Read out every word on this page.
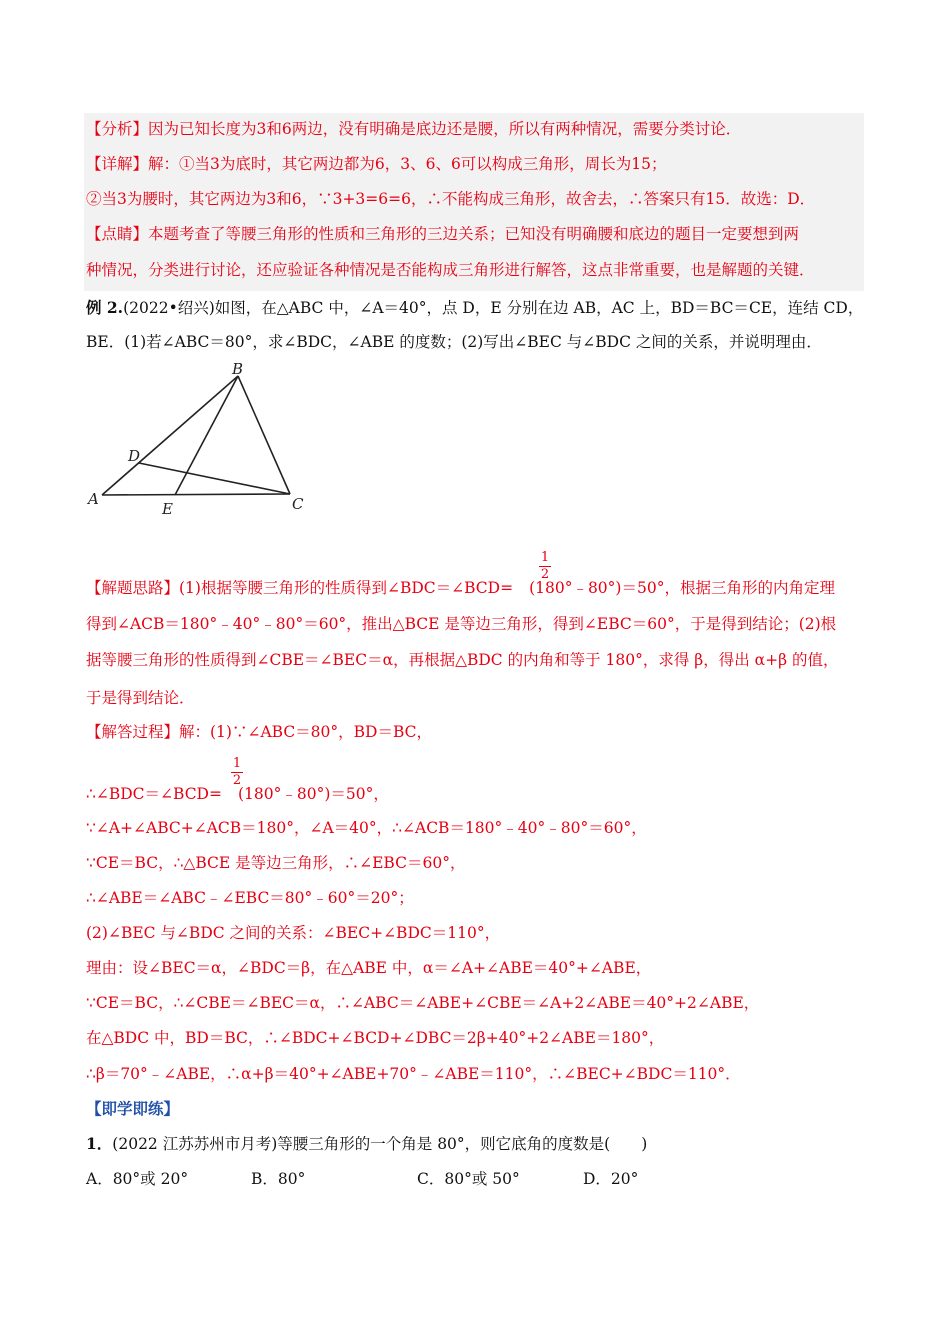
【分析】因为已知长度为3和6两边，没有明确是底边还是腰，所以有两种情况，需要分类讨论．
【详解】解：①当3为底时，其它两边都为6，3、6、6可以构成三角形，周长为15；
②当3为腰时，其它两边为3和6，∵3+3=6=6，∴不能构成三角形，故舍去，∴答案只有15．故选：D．
【点睛】本题考查了等腰三角形的性质和三角形的三边关系；已知没有明确腰和底边的题目一定要想到两
种情况，分类进行讨论，还应验证各种情况是否能构成三角形进行解答，这点非常重要，也是解题的关键．
例 2.(2022•绍兴)如图，在△ABC 中，∠A＝40°，点 D，E 分别在边 AB，AC 上，BD＝BC＝CE，连结 CD，
BE．(1)若∠ABC＝80°，求∠BDC，∠ABE 的度数；(2)写出∠BEC 与∠BDC 之间的关系，并说明理由．
B
D
A
E	C
【解题思路】(1)根据等腰三角形的性质得到∠BDC＝∠BCD= (180°﹣80°)＝50°，根据三角形的内角定理
1
2
得到∠ACB＝180°﹣40°﹣80°＝60°，推出△BCE 是等边三角形，得到∠EBC＝60°，于是得到结论；(2)根
据等腰三角形的性质得到∠CBE＝∠BEC＝α，再根据△BDC 的内角和等于 180°，求得 β，得出 α+β 的值，
于是得到结论．
【解答过程】解：(1)∵∠ABC＝80°，BD＝BC，
∴∠BDC＝∠BCD= (180°﹣80°)＝50°，
1
2
∵∠A+∠ABC+∠ACB＝180°，∠A＝40°，∴∠ACB＝180°﹣40°﹣80°＝60°，
∵CE＝BC，∴△BCE 是等边三角形，∴∠EBC＝60°，
∴∠ABE＝∠ABC﹣∠EBC＝80°﹣60°＝20°；
(2)∠BEC 与∠BDC 之间的关系：∠BEC+∠BDC＝110°，
理由：设∠BEC＝α，∠BDC＝β，在△ABE 中，α＝∠A+∠ABE＝40°+∠ABE，
∵CE＝BC，∴∠CBE＝∠BEC＝α，∴∠ABC＝∠ABE+∠CBE＝∠A+2∠ABE＝40°+2∠ABE，
在△BDC 中，BD＝BC，∴∠BDC+∠BCD+∠DBC＝2β+40°+2∠ABE＝180°，
∴β＝70°﹣∠ABE，∴α+β＝40°+∠ABE+70°﹣∠ABE＝110°，∴∠BEC+∠BDC＝110°．
【即学即练】
1．(2022 江苏苏州市月考)等腰三角形的一个角是 80°，则它底角的度数是(　　)
A．80°或 20°	B．80°	C．80°或 50°	D．20°
